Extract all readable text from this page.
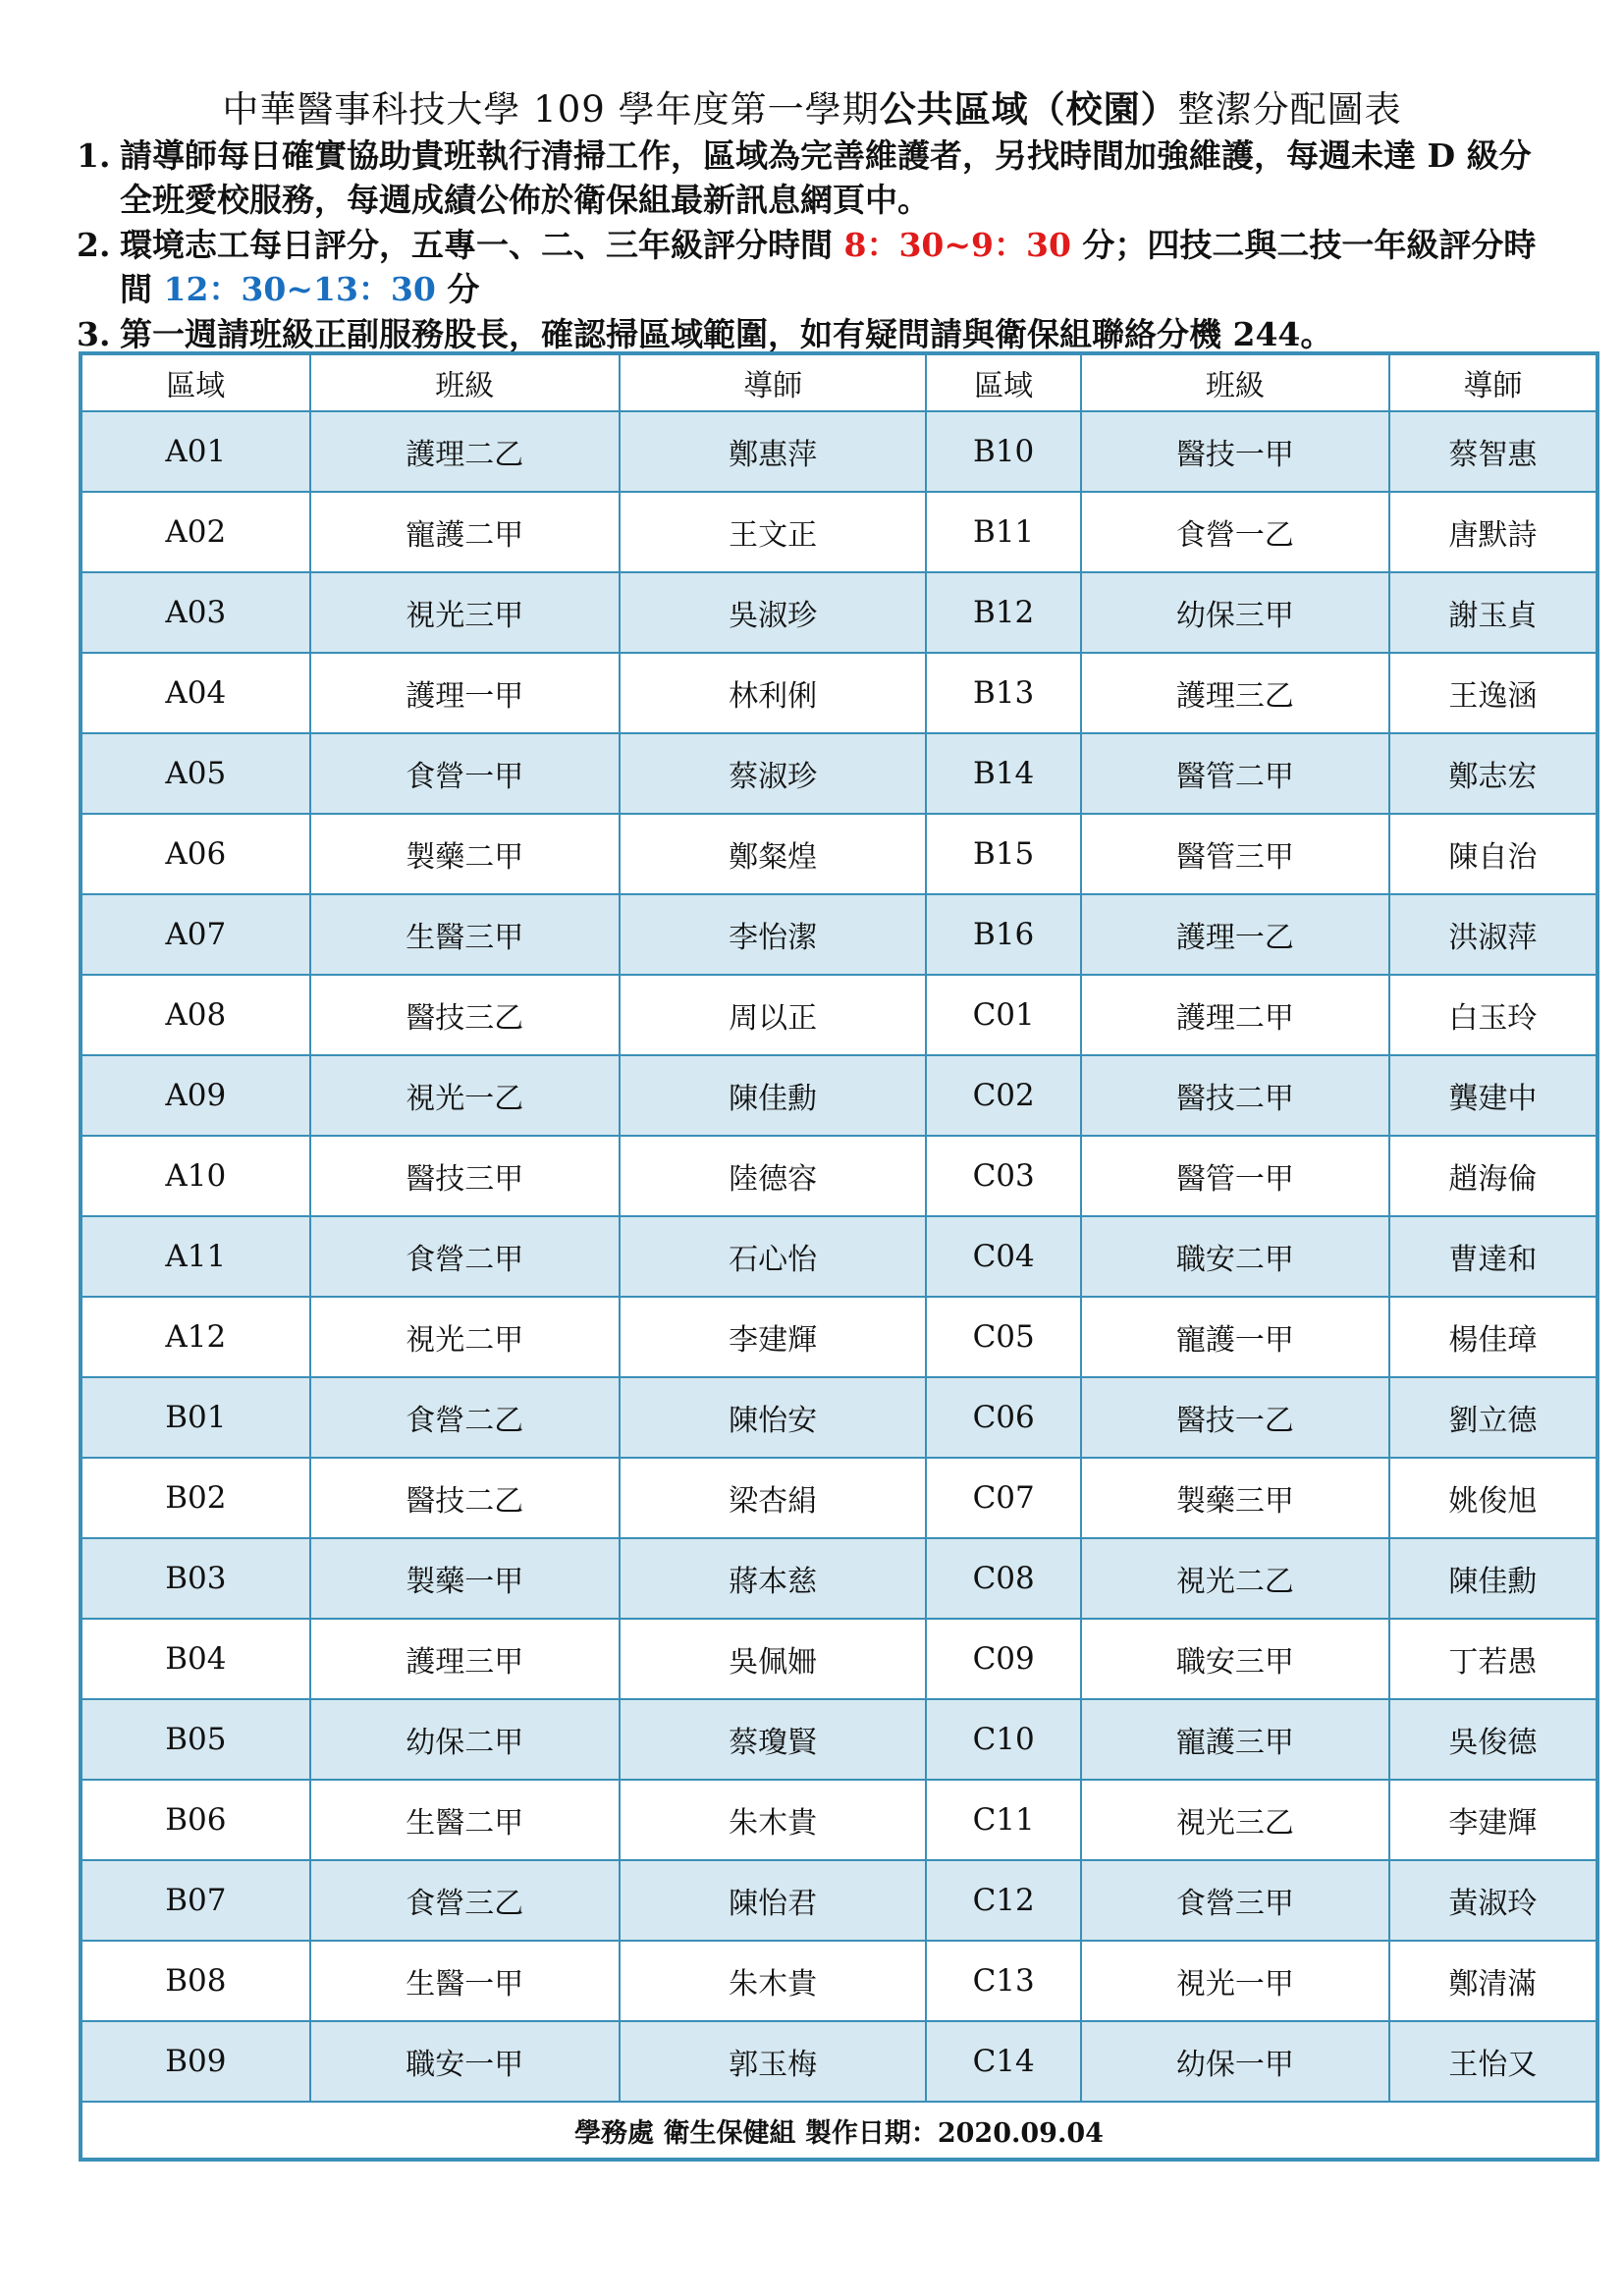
中華醫事科技大學 109 學年度第一學期公共區域（校園）整潔分配圖表
1. 請導師每日確實協助貴班執行清掃工作，區域為完善維護者，另找時間加強維護，每週未達 D 級分全班愛校服務，每週成績公佈於衛保組最新訊息網頁中。
2. 環境志工每日評分，五專一、二、三年級評分時間 8：30~9：30 分；四技二與二技一年級評分時間 12：30~13：30 分
3. 第一週請班級正副服務股長，確認掃區域範圍，如有疑問請與衛保組聯絡分機 244。
區域	班級	導師	區域	班級	導師
A01	護理二乙	鄭惠萍	B10	醫技一甲	蔡智惠
A02	寵護二甲	王文正	B11	食營一乙	唐默詩
A03	視光三甲	吳淑珍	B12	幼保三甲	謝玉貞
A04	護理一甲	林利俐	B13	護理三乙	王逸涵
A05	食營一甲	蔡淑珍	B14	醫管二甲	鄭志宏
A06	製藥二甲	鄭粲煌	B15	醫管三甲	陳自治
A07	生醫三甲	李怡潔	B16	護理一乙	洪淑萍
A08	醫技三乙	周以正	C01	護理二甲	白玉玲
A09	視光一乙	陳佳勳	C02	醫技二甲	龔建中
A10	醫技三甲	陸德容	C03	醫管一甲	趙海倫
A11	食營二甲	石心怡	C04	職安二甲	曹達和
A12	視光二甲	李建輝	C05	寵護一甲	楊佳璋
B01	食營二乙	陳怡安	C06	醫技一乙	劉立德
B02	醫技二乙	梁杏絹	C07	製藥三甲	姚俊旭
B03	製藥一甲	蔣本慈	C08	視光二乙	陳佳勳
B04	護理三甲	吳佩姍	C09	職安三甲	丁若愚
B05	幼保二甲	蔡瓊賢	C10	寵護三甲	吳俊德
B06	生醫二甲	朱木貴	C11	視光三乙	李建輝
B07	食營三乙	陳怡君	C12	食營三甲	黃淑玲
B08	生醫一甲	朱木貴	C13	視光一甲	鄭清滿
B09	職安一甲	郭玉梅	C14	幼保一甲	王怡又
學務處 衛生保健組 製作日期：2020.09.04					
